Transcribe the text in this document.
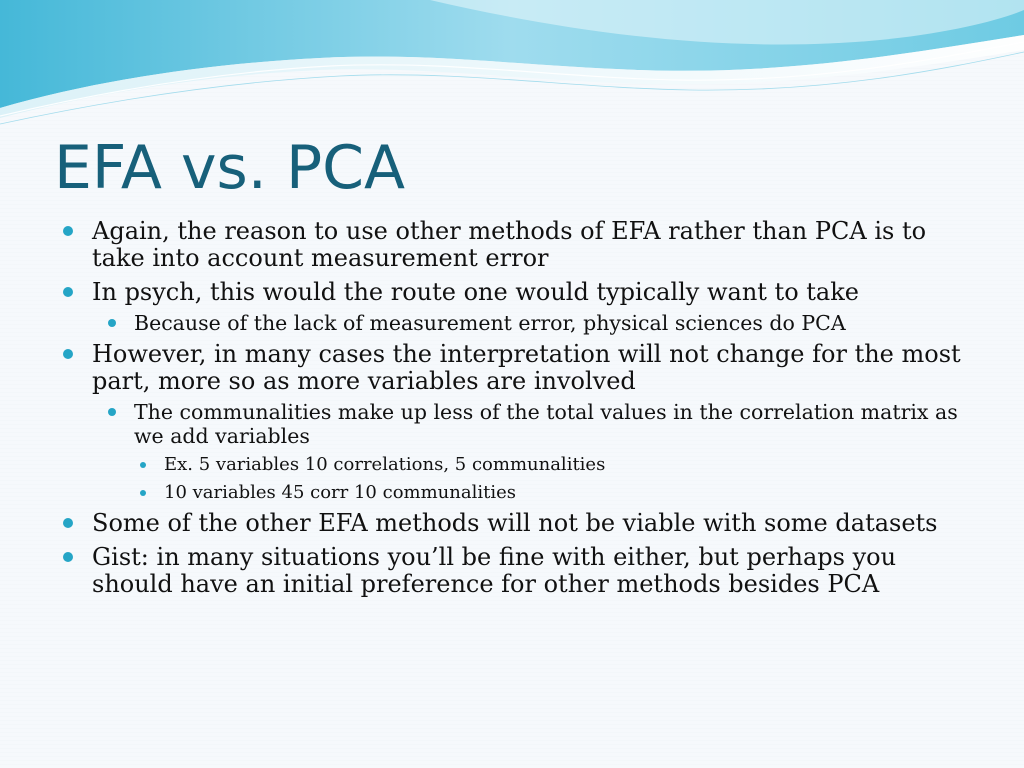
EFA vs. PCA
Again, the reason to use other methods of EFA rather than PCA is to take into account measurement error
In psych, this would the route one would typically want to take
Because of the lack of measurement error, physical sciences do PCA
However, in many cases the interpretation will not change for the most part, more so as more variables are involved
The communalities make up less of the total values in the correlation matrix as we add variables
Ex. 5 variables 10 correlations, 5 communalities
10 variables 45 corr 10 communalities
Some of the other EFA methods will not be viable with some datasets
Gist: in many situations you’ll be fine with either, but perhaps you should have an initial preference for other methods besides PCA
